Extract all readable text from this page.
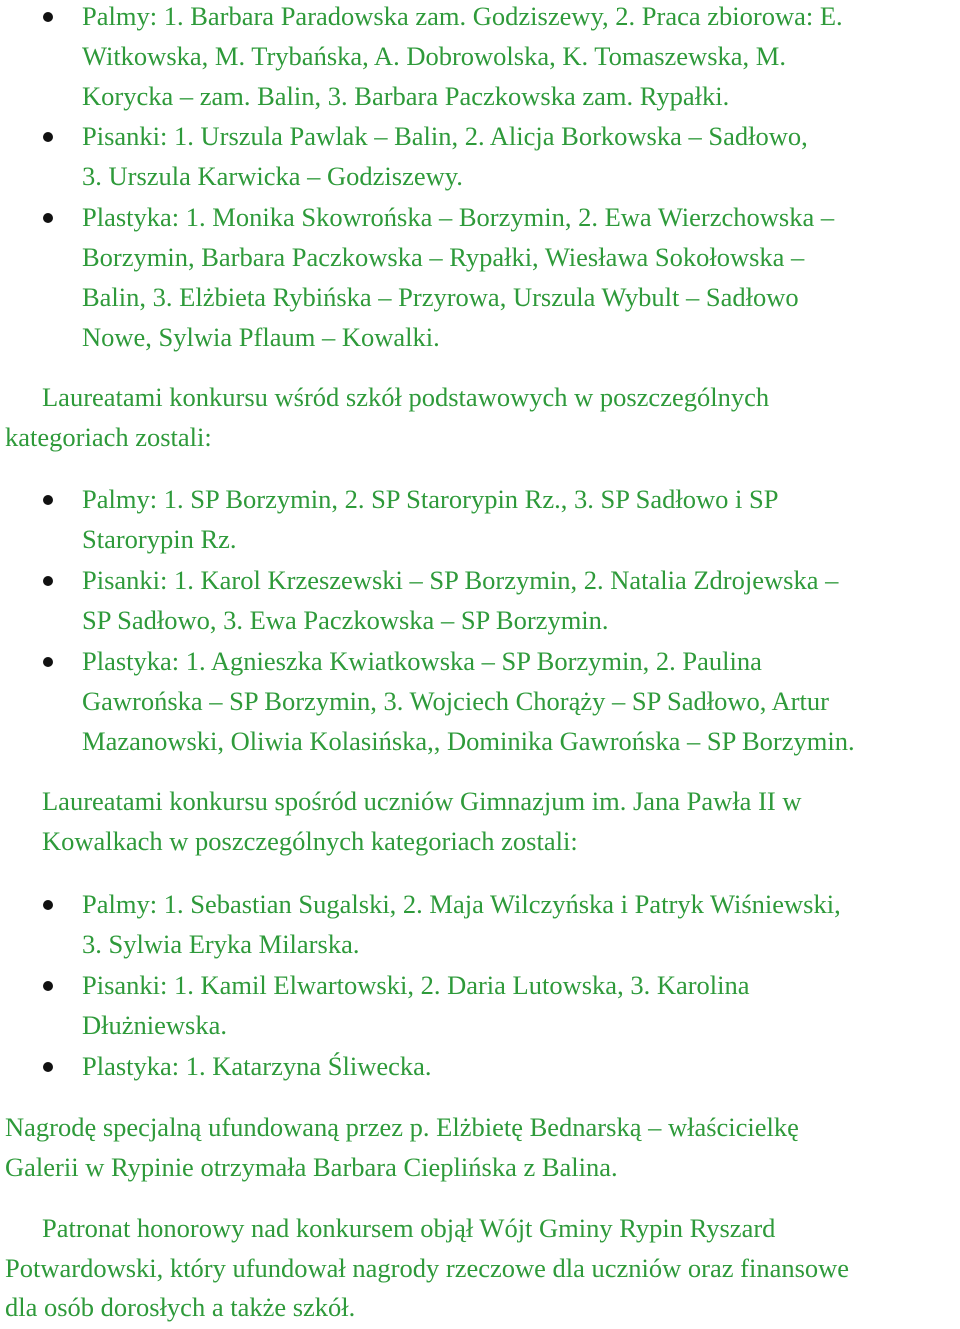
Palmy: 1. Barbara Paradowska zam. Godziszewy, 2. Praca zbiorowa: E.
Witkowska, M. Trybańska, A. Dobrowolska, K. Tomaszewska, M.
Korycka – zam. Balin, 3. Barbara Paczkowska zam. Rypałki.
Pisanki: 1. Urszula Pawlak – Balin, 2. Alicja Borkowska – Sadłowo,
3. Urszula Karwicka – Godziszewy.
Plastyka: 1. Monika Skowrońska – Borzymin, 2. Ewa Wierzchowska –
Borzymin, Barbara Paczkowska – Rypałki, Wiesława Sokołowska –
Balin, 3. Elżbieta Rybińska – Przyrowa, Urszula Wybult – Sadłowo
Nowe, Sylwia Pflaum – Kowalki.
Laureatami konkursu wśród szkół podstawowych w poszczególnych
kategoriach zostali:
Palmy: 1. SP Borzymin, 2. SP Starorypin Rz., 3. SP Sadłowo i SP
Starorypin Rz.
Pisanki: 1. Karol Krzeszewski – SP Borzymin, 2. Natalia Zdrojewska –
SP Sadłowo, 3. Ewa Paczkowska – SP Borzymin.
Plastyka: 1. Agnieszka Kwiatkowska – SP Borzymin, 2. Paulina
Gawrońska – SP Borzymin, 3. Wojciech Chorąży – SP Sadłowo, Artur
Mazanowski, Oliwia Kolasińska,, Dominika Gawrońska – SP Borzymin.
Laureatami konkursu spośród uczniów Gimnazjum im. Jana Pawła II w
Kowalkach w poszczególnych kategoriach zostali:
Palmy: 1. Sebastian Sugalski, 2. Maja Wilczyńska i Patryk Wiśniewski,
3. Sylwia Eryka Milarska.
Pisanki: 1. Kamil Elwartowski, 2. Daria Lutowska, 3. Karolina
Dłużniewska.
Plastyka: 1. Katarzyna Śliwecka.
Nagrodę specjalną ufundowaną przez p. Elżbietę Bednarską – właścicielkę
Galerii w Rypinie otrzymała Barbara Cieplińska z Balina.
Patronat honorowy nad konkursem objął Wójt Gminy Rypin Ryszard
Potwardowski, który ufundował nagrody rzeczowe dla uczniów oraz finansowe
dla osób dorosłych a także szkół.
